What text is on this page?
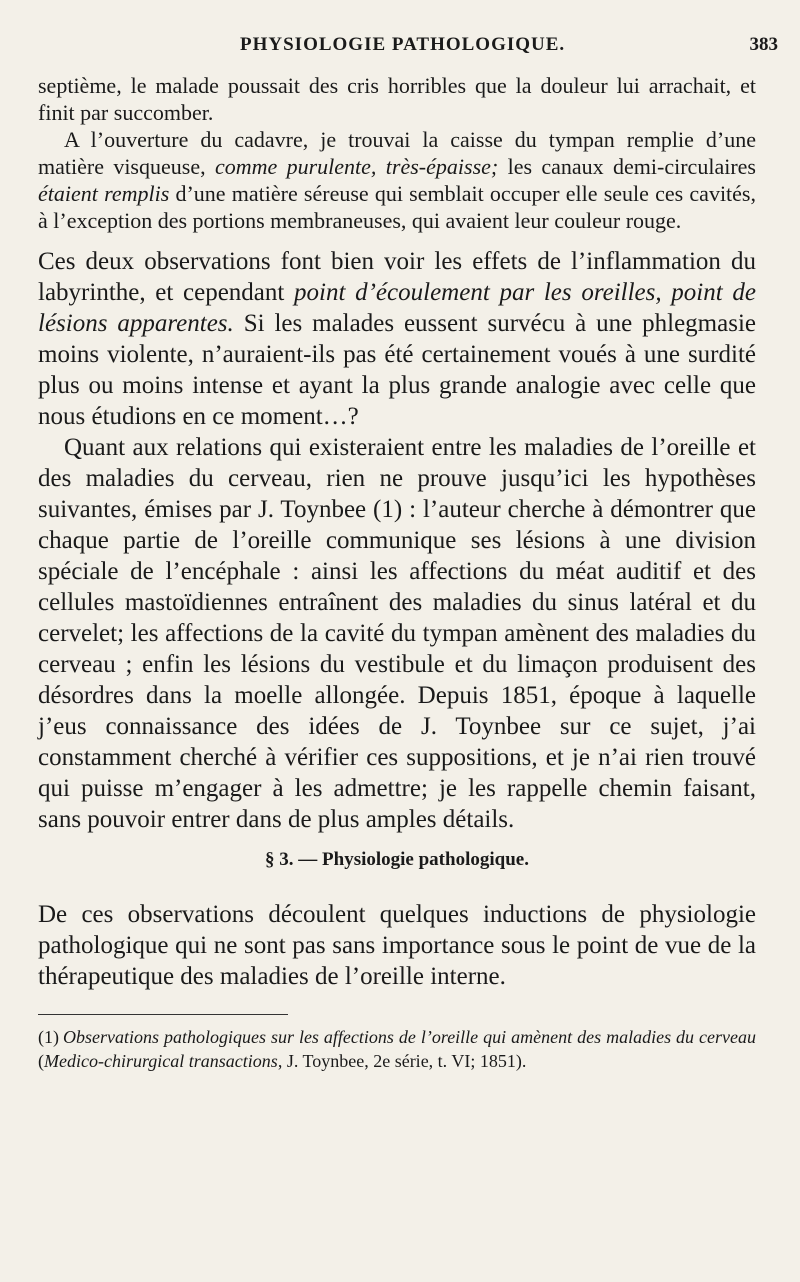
PHYSIOLOGIE PATHOLOGIQUE.	383

septième, le malade poussait des cris horribles que la douleur lui arrachait, et finit par succomber.

A l’ouverture du cadavre, je trouvai la caisse du tympan remplie d’une matière visqueuse, comme purulente, très-épaisse; les canaux demi-circulaires étaient remplis d’une matière séreuse qui semblait occuper elle seule ces cavités, à l’exception des portions membraneuses, qui avaient leur couleur rouge.

Ces deux observations font bien voir les effets de l’inflammation du labyrinthe, et cependant point d’écoulement par les oreilles, point de lésions apparentes. Si les malades eussent survécu à une phlegmasie moins violente, n’auraient-ils pas été certainement voués à une surdité plus ou moins intense et ayant la plus grande analogie avec celle que nous étudions en ce moment…?

Quant aux relations qui existeraient entre les maladies de l’oreille et des maladies du cerveau, rien ne prouve jusqu’ici les hypothèses suivantes, émises par J. Toynbee (1) : l’auteur cherche à démontrer que chaque partie de l’oreille communique ses lésions à une division spéciale de l’encéphale : ainsi les affections du méat auditif et des cellules mastoïdiennes entraînent des maladies du sinus latéral et du cervelet; les affections de la cavité du tympan amènent des maladies du cerveau ; enfin les lésions du vestibule et du limaçon produisent des désordres dans la moelle allongée. Depuis 1851, époque à laquelle j’eus connaissance des idées de J. Toynbee sur ce sujet, j’ai constamment cherché à vérifier ces suppositions, et je n’ai rien trouvé qui puisse m’engager à les admettre; je les rappelle chemin faisant, sans pouvoir entrer dans de plus amples détails.

§ 3. — Physiologie pathologique.

De ces observations découlent quelques inductions de physiologie pathologique qui ne sont pas sans importance sous le point de vue de la thérapeutique des maladies de l’oreille interne.

(1) Observations pathologiques sur les affections de l’oreille qui amènent des maladies du cerveau (Medico-chirurgical transactions, J. Toynbee, 2e série, t. VI; 1851).
